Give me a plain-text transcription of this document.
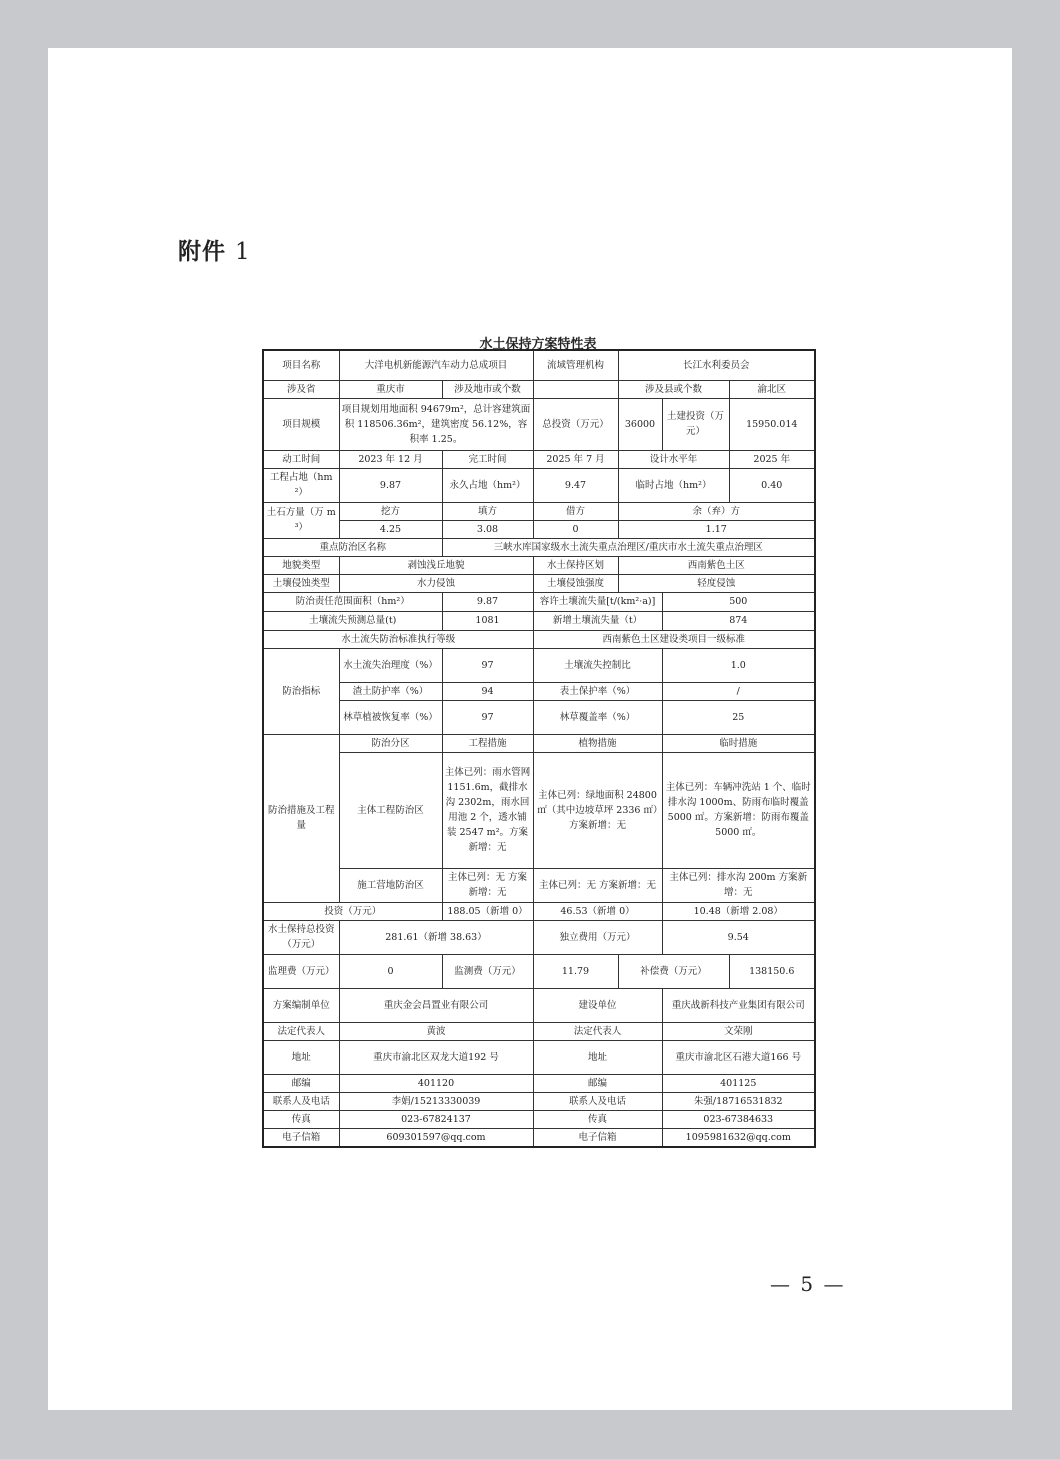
附件 1
水土保持方案特性表
项目名称	大洋电机新能源汽车动力总成项目		流域管理机构	长江水利委员会		
涉及省	重庆市	涉及地市或个数		涉及县或个数		渝北区
项目规模	项目规划用地面积 94679m²，总计容建筑面积 118506.36m²，建筑密度 56.12%，容积率 1.25。		总投资（万元）	36000	土建投资（万元）	15950.014
动工时间	2023 年 12 月	完工时间	2025 年 7 月	设计水平年		2025 年
工程占地（hm²）	9.87	永久占地（hm²）	9.47	临时占地（hm²）		0.40
土石方量（万 m³）	挖方	填方	借方	余（弃）方		
	4.25	3.08	0	1.17		
重点防治区名称		三峡水库国家级水土流失重点治理区/重庆市水土流失重点治理区				
地貌类型	剥蚀浅丘地貌		水土保持区划	西南紫色土区		
土壤侵蚀类型	水力侵蚀		土壤侵蚀强度	轻度侵蚀		
防治责任范围面积（hm²）		9.87	容许土壤流失量[t/(km²·a)]		500	
土壤流失预测总量(t)		1081	新增土壤流失量（t）		874	
水土流失防治标准执行等级			西南紫色土区建设类项目一级标准			
防治指标	水土流失治理度（%）	97	土壤流失控制比		1.0	
	渣土防护率（%）	94	表土保护率（%）		/	
	林草植被恢复率（%）	97	林草覆盖率（%）		25	
防治措施及工程量	防治分区	工程措施	植物措施		临时措施	
	主体工程防治区	主体已列：雨水管网 1151.6m，截排水沟 2302m，雨水回用池 2 个，透水铺装 2547 m²。方案新增：无	主体已列：绿地面积 24800 ㎡（其中边坡草坪 2336 ㎡）方案新增：无		主体已列：车辆冲洗站 1 个、临时排水沟 1000m、防雨布临时覆盖 5000 ㎡。方案新增：防雨布覆盖 5000 ㎡。	
	施工营地防治区	主体已列：无 方案新增：无	主体已列：无 方案新增：无		主体已列：排水沟 200m 方案新增：无	
投资（万元）		188.05（新增 0）	46.53（新增 0）		10.48（新增 2.08）	
水土保持总投资（万元）	281.61（新增 38.63）		独立费用（万元）		9.54	
监理费（万元）	0	监测费（万元）	11.79	补偿费（万元）		138150.6
方案编制单位	重庆金会昌置业有限公司		建设单位		重庆战新科技产业集团有限公司	
法定代表人	黄波		法定代表人		文荣刚	
地址	重庆市渝北区双龙大道192 号		地址		重庆市渝北区石港大道166 号	
邮编	401120		邮编		401125	
联系人及电话	李娟/15213330039		联系人及电话		朱强/18716531832	
传真	023-67824137		传真		023-67384633	
电子信箱	609301597@qq.com		电子信箱		1095981632@qq.com	
— 5 —
